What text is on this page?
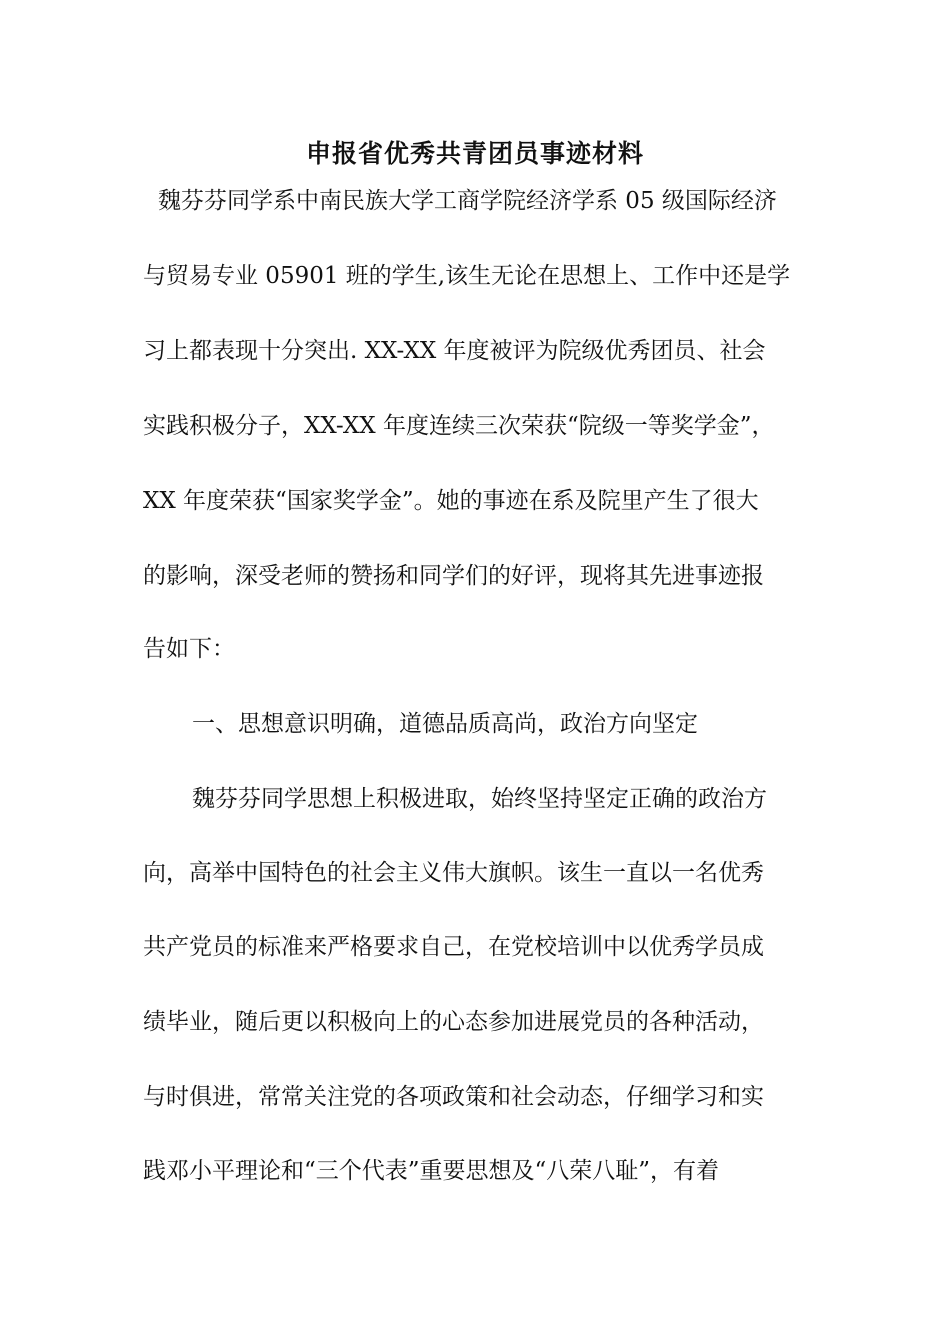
申报省优秀共青团员事迹材料
魏芬芬同学系中南民族大学工商学院经济学系 05 级国际经济
与贸易专业 05901 班的学生,该生无论在思想上、工作中还是学
习上都表现十分突出. XX-XX 年度被评为院级优秀团员、社会
实践积极分子，XX-XX 年度连续三次荣获“院级一等奖学金”，
XX 年度荣获“国家奖学金”。她的事迹在系及院里产生了很大
的影响，深受老师的赞扬和同学们的好评，现将其先进事迹报
告如下：
一、思想意识明确，道德品质高尚，政治方向坚定
魏芬芬同学思想上积极进取，始终坚持坚定正确的政治方
向，高举中国特色的社会主义伟大旗帜。该生一直以一名优秀
共产党员的标准来严格要求自己，在党校培训中以优秀学员成
绩毕业，随后更以积极向上的心态参加进展党员的各种活动，
与时俱进，常常关注党的各项政策和社会动态，仔细学习和实
践邓小平理论和“三个代表”重要思想及“八荣八耻”，有着
